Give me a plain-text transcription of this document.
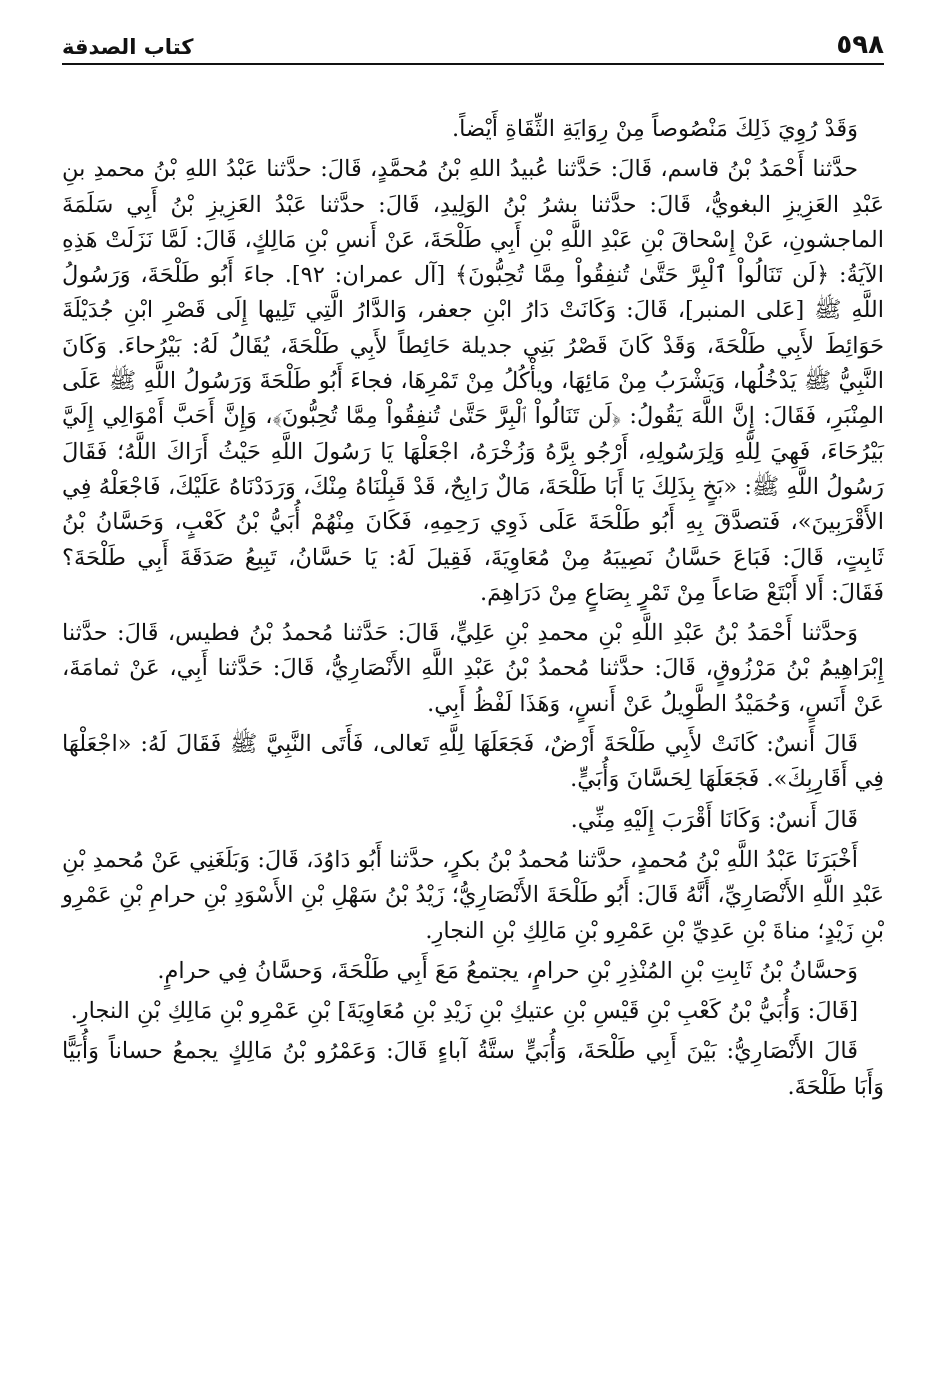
٥٩٨
كتاب الصدقة

وَقَدْ رُوِيَ ذَلِكَ مَنْصُوصاً مِنْ رِوَايَةِ الثِّقَاةِ أَيْضاً.

حدَّثنا أَحْمَدُ بْنُ قاسم، قَالَ: حَدَّثنا عُبيدُ اللهِ بْنُ مُحمَّدٍ، قَالَ: حدَّثنا عَبْدُ اللهِ بْنُ محمدِ بنِ عَبْدِ العَزِيزِ البغويُّ، قَالَ: حدَّثنا بشرُ بْنُ الوَلِيدِ، قَالَ: حدَّثنا عَبْدُ العَزِيزِ بْنُ أَبِي سَلَمَةَ الماجشونِ، عَنْ إِسْحاقَ بْنِ عَبْدِ اللَّهِ بْنِ أَبِي طَلْحَةَ، عَنْ أَنسِ بْنِ مَالِكٍ، قَالَ: لَمَّا نَزَلَتْ هَذِهِ الآيَةُ: ﴿لَن تَنَالُواْ ٱلْبِرَّ حَتَّىٰ تُنفِقُواْ مِمَّا تُحِبُّونَ﴾ [آل عمران: ٩٢]. جاءَ أَبُو طَلْحَةَ، وَرَسُولُ اللَّهِ ﷺ [عَلى المنبر]، قَالَ: وَكَانَتْ دَارُ ابْنِ جعفر، وَالدَّارُ الَّتِي تَلِيها إِلَى قَصْرِ ابْنِ جُدَيْلَةَ حَوَائِطَ لأَبِي طَلْحَةَ، وَقَدْ كَانَ قَصْرُ بَنِي جديلة حَائِطاً لأَبِي طَلْحَةَ، يُقَالُ لَهُ: بَيْرُحاءَ. وَكَانَ النَّبِيُّ ﷺ يَدْخُلُها، وَيَشْرَبُ مِنْ مَائِهَا، ويأْكُلُ مِنْ تَمْرِهَا، فجاءَ أَبُو طَلْحَةَ وَرَسُولُ اللَّهِ ﷺ عَلَى المِنْبَرِ، فَقَالَ: إِنَّ اللَّهَ يَقُولُ: ﴿لَن تَنَالُواْ ٱلْبِرَّ حَتَّىٰ تُنفِقُواْ مِمَّا تُحِبُّونَ﴾، وَإِنَّ أَحَبَّ أَمْوَالِي إِلَيَّ بَيْرُحَاءَ، فَهِيَ لِلَّهِ وَلِرَسُولِهِ، أَرْجُو بِرَّهُ وَزُخْرَهُ، اجْعَلْهَا يَا رَسُولَ اللَّهِ حَيْثُ أَرَاكَ اللَّهُ؛ فَقَالَ رَسُولُ اللَّهِ ﷺ: «بَخٍ بِذَلِكَ يَا أَبَا طَلْحَةَ، مَالٌ رَابِحٌ، قَدْ قَبِلْنَاهُ مِنْكَ، وَرَدَدْنَاهُ عَلَيْكَ، فَاجْعَلْهُ فِي الأَقْرَبِينَ»، فَتصدَّقَ بِهِ أَبُو طَلْحَةَ عَلَى ذَوِي رَحِمِهِ، فَكَانَ مِنْهُمْ أُبَيُّ بْنُ كَعْبٍ، وَحَسَّانُ بْنُ ثَابِتٍ، قَالَ: فَبَاعَ حَسَّانُ نَصِيبَهُ مِنْ مُعَاوِيَةَ، فَقِيلَ لَهُ: يَا حَسَّانُ، تَبِيعُ صَدَقَةَ أَبِي طَلْحَةَ؟ فَقَالَ: أَلا أَبْتَعْ صَاعاً مِنْ تَمْرٍ بِصَاعٍ مِنْ دَرَاهِمَ.

وَحدَّثنا أَحْمَدُ بْنُ عَبْدِ اللَّهِ بْنِ محمدِ بْنِ عَلِيٍّ، قَالَ: حَدَّثنا مُحمدُ بْنُ فطيس، قَالَ: حدَّثنا إِبْرَاهِيمُ بْنُ مَرْزُوقٍ، قَالَ: حدَّثنا مُحمدُ بْنُ عَبْدِ اللَّهِ الأَنْصَارِيُّ، قَالَ: حَدَّثنا أَبِي، عَنْ ثمامَةَ، عَنْ أَنَسٍ، وَحُمَيْدُ الطَّوِيلُ عَنْ أَنسٍ، وَهَذَا لَفْظُ أَبِي.

قَالَ أَنسٌ: كَانَتْ لأَبِي طَلْحَةَ أَرْضٌ، فَجَعَلَهَا لِلَّهِ تَعالى، فَأَتَى النَّبِيَّ ﷺ فَقَالَ لَهُ: «اجْعَلْهَا فِي أَقَارِبِكَ». فَجَعَلَهَا لِحَسَّانَ وَأُبَيٍّ.

قَالَ أَنسٌ: وَكَانَا أَقْرَبَ إِلَيْهِ مِنِّي.

أَخْبَرَنَا عَبْدُ اللَّهِ بْنُ مُحمدٍ، حدَّثنا مُحمدُ بْنُ بكرٍ، حدَّثنا أَبُو دَاوُدَ، قَالَ: وَبَلَغَنِي عَنْ مُحمدِ بْنِ عَبْدِ اللَّهِ الأَنْصَارِيِّ، أَنَّهُ قَالَ: أَبُو طَلْحَةَ الأَنْصَارِيُّ؛ زَيْدُ بْنُ سَهْلِ بْنِ الأَسْوَدِ بْنِ حرامِ بْنِ عَمْرِو بْنِ زَيْدٍ؛ مناةَ بْنِ عَدِيِّ بْنِ عَمْرِو بْنِ مَالِكِ بْنِ النجارِ.

وَحسَّانُ بْنُ ثَابِتِ بْنِ المُنْذِرِ بْنِ حرامٍ، يجتمعُ مَعَ أَبِي طَلْحَةَ، وَحسَّانُ فِي حرامٍ.

[قَالَ: وَأُبَيُّ بْنُ كَعْبِ بْنِ قَيْسِ بْنِ عتيكِ بْنِ زَيْدِ بْنِ مُعَاوِيَةَ] بْنِ عَمْرِو بْنِ مَالِكِ بْنِ النجارِ.

قَالَ الأَنْصَارِيُّ: بَيْنَ أَبِي طَلْحَةَ، وَأُبَيٍّ ستَّةُ آباءٍ قَالَ: وَعَمْرُو بْنُ مَالِكٍ يجمعُ حساناً وَأُبَيًّا وَأَبَا طَلْحَةَ.
